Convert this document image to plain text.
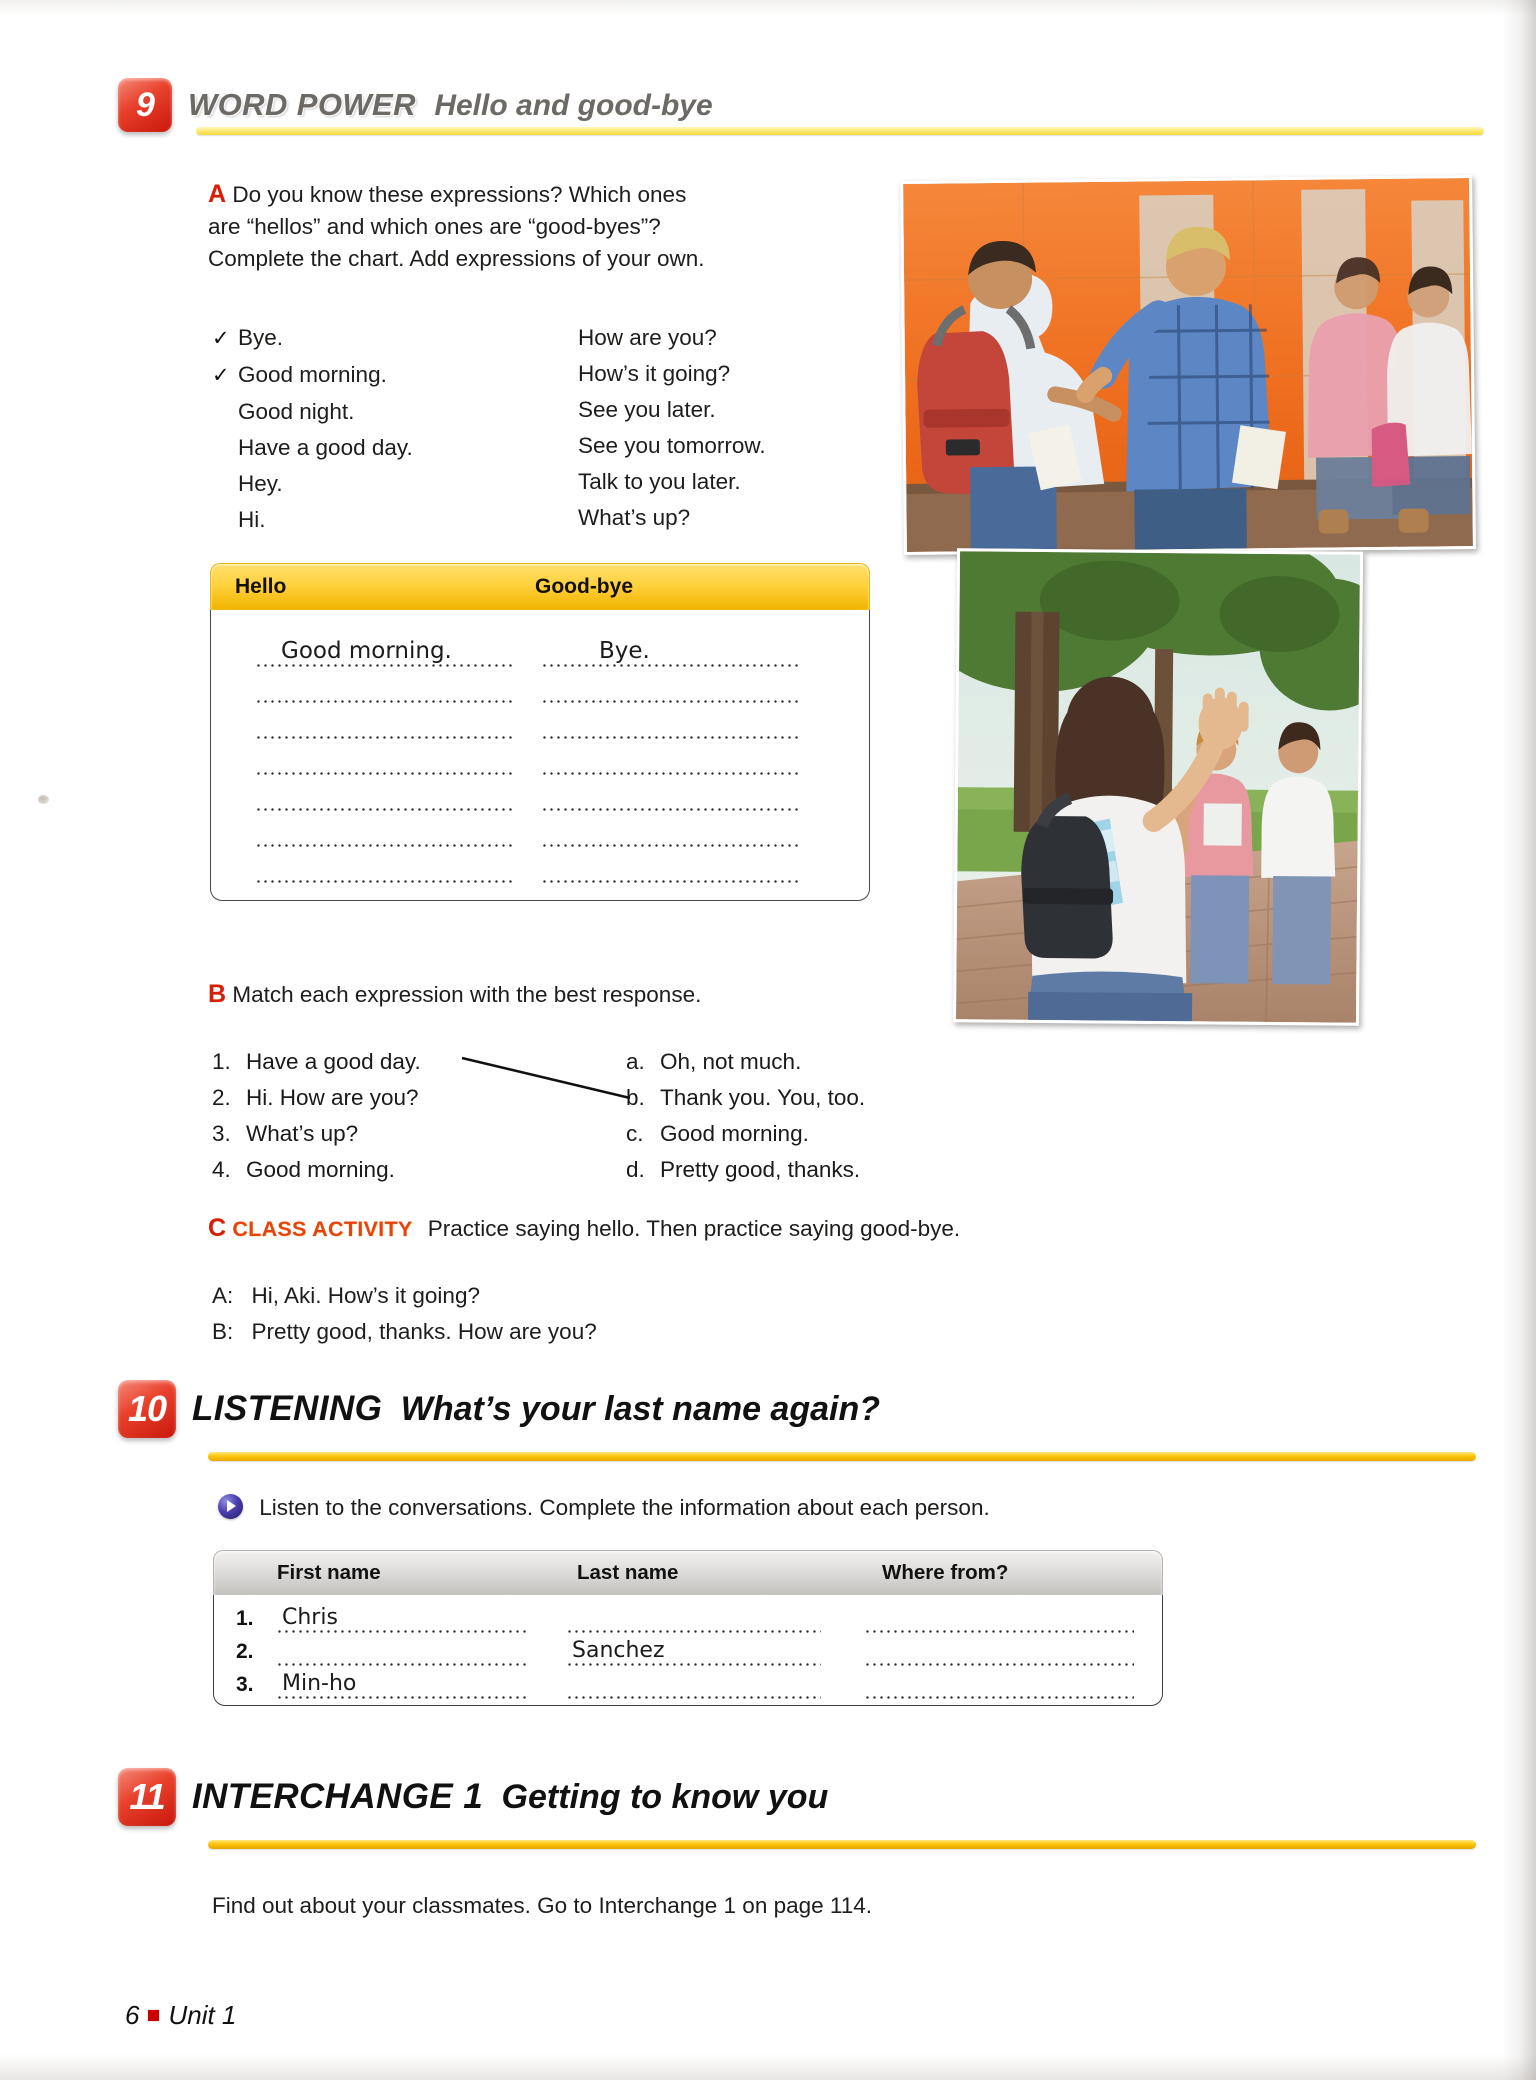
9	WORD POWER Hello and good-bye
A Do you know these expressions? Which ones
are “hellos” and which ones are “good-byes”?
Complete the chart. Add expressions of your own.
✓ Bye.
✓ Good morning.
Good night.
Have a good day.
Hey.
Hi.
How are you?
How’s it going?
See you later.
See you tomorrow.
Talk to you later.
What’s up?
Hello	Good-bye
Good morning.	Bye.
B Match each expression with the best response.
1. Have a good day.
2. Hi. How are you?
3. What’s up?
4. Good morning.
a. Oh, not much.
b. Thank you. You, too.
c. Good morning.
d. Pretty good, thanks.
C CLASS ACTIVITY Practice saying hello. Then practice saying good-bye.
A: Hi, Aki. How’s it going?
B: Pretty good, thanks. How are you?
10 LISTENING What’s your last name again?
Listen to the conversations. Complete the information about each person.
First name	Last name	Where from?
1. Chris
2.	Sanchez
3. Min-ho
11 INTERCHANGE 1 Getting to know you
Find out about your classmates. Go to Interchange 1 on page 114.
6 Unit 1
